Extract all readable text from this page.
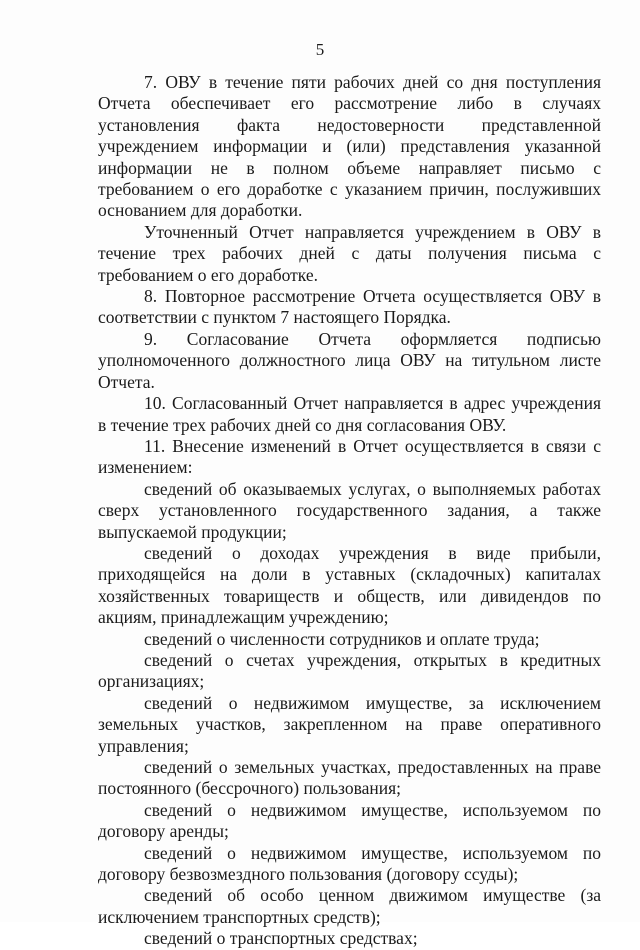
5

7. ОВУ в течение пяти рабочих дней со дня поступления Отчета обеспечивает его рассмотрение либо в случаях установления факта недостоверности представленной учреждением информации и (или) представления указанной информации не в полном объеме направляет письмо с требованием о его доработке с указанием причин, послуживших основанием для доработки.

Уточненный Отчет направляется учреждением в ОВУ в течение трех рабочих дней с даты получения письма с требованием о его доработке.

8. Повторное рассмотрение Отчета осуществляется ОВУ в соответствии с пунктом 7 настоящего Порядка.

9. Согласование Отчета оформляется подписью уполномоченного должностного лица ОВУ на титульном листе Отчета.

10. Согласованный Отчет направляется в адрес учреждения в течение трех рабочих дней со дня согласования ОВУ.

11. Внесение изменений в Отчет осуществляется в связи с изменением:

сведений об оказываемых услугах, о выполняемых работах сверх установленного государственного задания, а также выпускаемой продукции;

сведений о доходах учреждения в виде прибыли, приходящейся на доли в уставных (складочных) капиталах хозяйственных товариществ и обществ, или дивидендов по акциям, принадлежащим учреждению;

сведений о численности сотрудников и оплате труда;

сведений о счетах учреждения, открытых в кредитных организациях;

сведений о недвижимом имуществе, за исключением земельных участков, закрепленном на праве оперативного управления;

сведений о земельных участках, предоставленных на праве постоянного (бессрочного) пользования;

сведений о недвижимом имуществе, используемом по договору аренды;

сведений о недвижимом имуществе, используемом по договору безвозмездного пользования (договору ссуды);

сведений об особо ценном движимом имуществе (за исключением транспортных средств);

сведений о транспортных средствах;
